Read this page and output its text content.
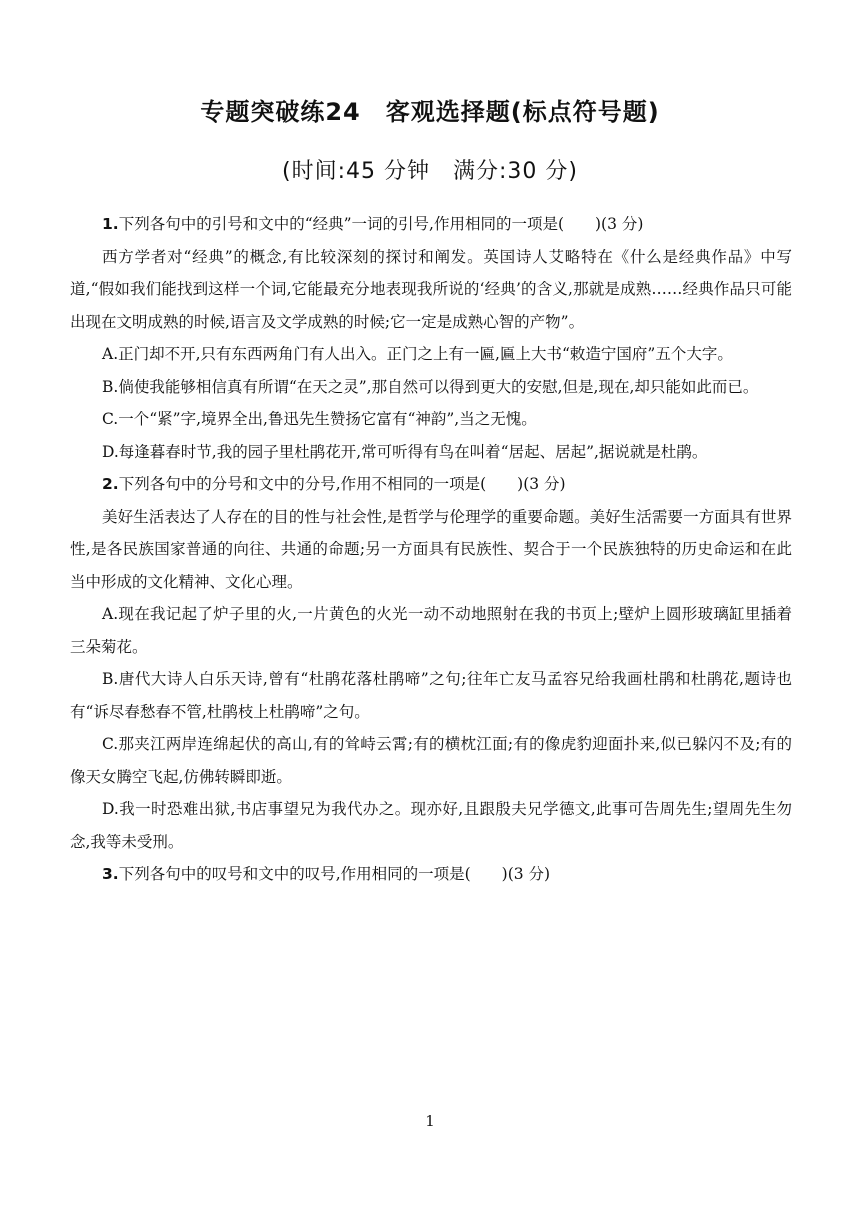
专题突破练24　客观选择题(标点符号题)
(时间:45 分钟　满分:30 分)

1.下列各句中的引号和文中的“经典”一词的引号,作用相同的一项是(　　)(3 分)

西方学者对“经典”的概念,有比较深刻的探讨和阐发。英国诗人艾略特在《什么是经典作品》中写道,“假如我们能找到这样一个词,它能最充分地表现我所说的‘经典’的含义,那就是成熟……经典作品只可能出现在文明成熟的时候,语言及文学成熟的时候;它一定是成熟心智的产物”。

A.正门却不开,只有东西两角门有人出入。正门之上有一匾,匾上大书“敕造宁国府”五个大字。

B.倘使我能够相信真有所谓“在天之灵”,那自然可以得到更大的安慰,但是,现在,却只能如此而已。

C.一个“紧”字,境界全出,鲁迅先生赞扬它富有“神韵”,当之无愧。

D.每逢暮春时节,我的园子里杜鹃花开,常可听得有鸟在叫着“居起、居起”,据说就是杜鹃。

2.下列各句中的分号和文中的分号,作用不相同的一项是(　　)(3 分)

美好生活表达了人存在的目的性与社会性,是哲学与伦理学的重要命题。美好生活需要一方面具有世界性,是各民族国家普通的向往、共通的命题;另一方面具有民族性、契合于一个民族独特的历史命运和在此当中形成的文化精神、文化心理。

A.现在我记起了炉子里的火,一片黄色的火光一动不动地照射在我的书页上;壁炉上圆形玻璃缸里插着三朵菊花。

B.唐代大诗人白乐天诗,曾有“杜鹃花落杜鹃啼”之句;往年亡友马孟容兄给我画杜鹃和杜鹃花,题诗也有“诉尽春愁春不管,杜鹃枝上杜鹃啼”之句。

C.那夹江两岸连绵起伏的高山,有的耸峙云霄;有的横枕江面;有的像虎豹迎面扑来,似已躲闪不及;有的像天女腾空飞起,仿佛转瞬即逝。

D.我一时恐难出狱,书店事望兄为我代办之。现亦好,且跟殷夫兄学德文,此事可告周先生;望周先生勿念,我等未受刑。

3.下列各句中的叹号和文中的叹号,作用相同的一项是(　　)(3 分)

1
